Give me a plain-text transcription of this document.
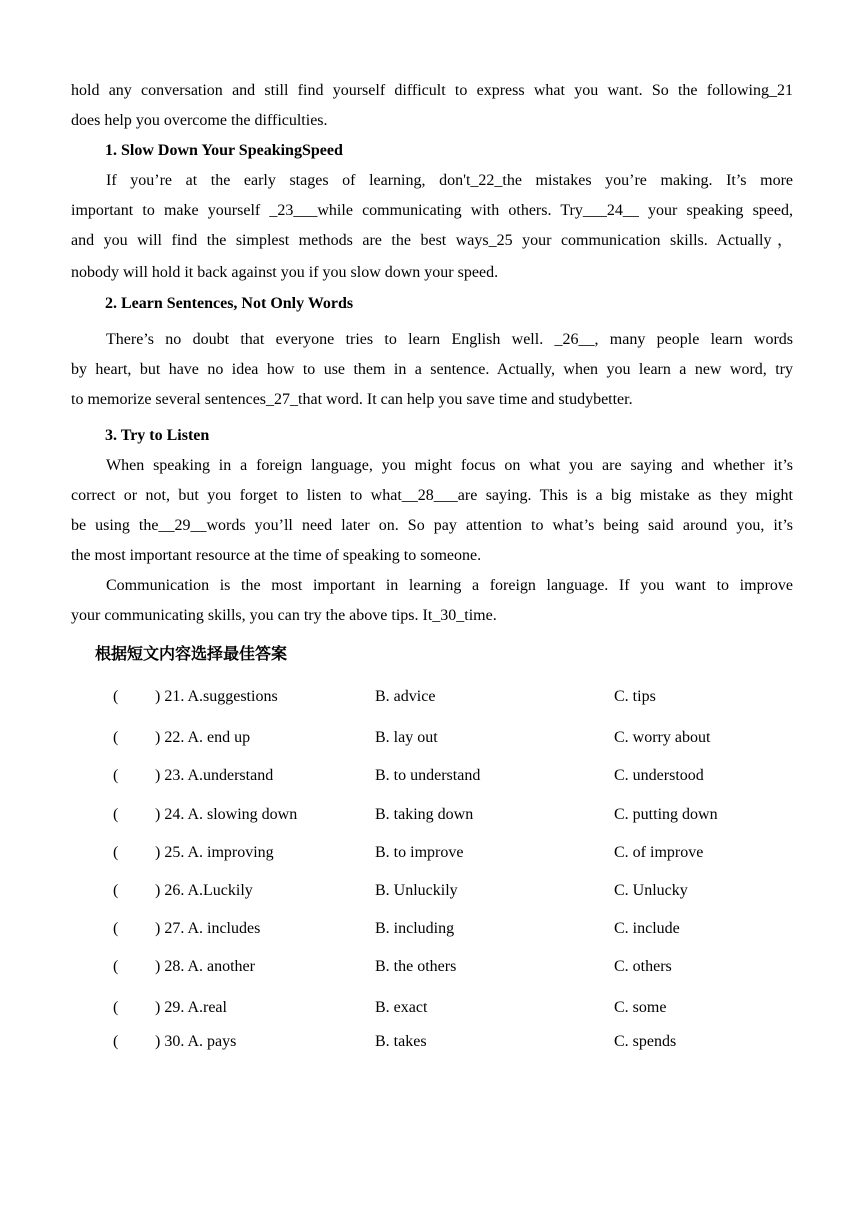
hold any conversation and still find yourself difficult to express what you want. So the following_21

does help you overcome the difficulties.

1. Slow Down Your SpeakingSpeed

If you’re at the early stages of learning, don't_22_the mistakes you’re making. It’s more

important to make yourself _23___while communicating with others. Try___24__ your speaking speed,

and you will find the simplest methods are the best ways_25 your communication skills. Actually，

nobody will hold it back against you if you slow down your speed.

2. Learn Sentences, Not Only Words

There’s no doubt that everyone tries to learn English well. _26__, many people learn words

by heart, but have no idea how to use them in a sentence. Actually, when you learn a new word, try

to memorize several sentences_27_that word. It can help you save time and studybetter.

3. Try to Listen

When speaking in a foreign language, you might focus on what you are saying and whether it’s

correct or not, but you forget to listen to what__28___are saying. This is a big mistake as they might

be using the__29__words you’ll need later on. So pay attention to what’s being said around you, it’s

the most important resource at the time of speaking to someone.

Communication is the most important in learning a foreign language. If you want to improve

your communicating skills, you can try the above tips. It_30_time.

根据短文内容选择最佳答案
( ) 21. A.suggestions	B. advice	C. tips
( ) 22. A. end up	B. lay out	C. worry about
( ) 23. A.understand	B. to understand	C. understood
( ) 24. A. slowing down	B. taking down	C. putting down
( ) 25. A. improving	B. to improve	C. of improve
( ) 26. A.Luckily	B. Unluckily	C. Unlucky
( ) 27. A. includes	B. including	C. include
( ) 28. A. another	B. the others	C. others
( ) 29. A.real	B. exact	C. some
( ) 30. A. pays	B. takes	C. spends
